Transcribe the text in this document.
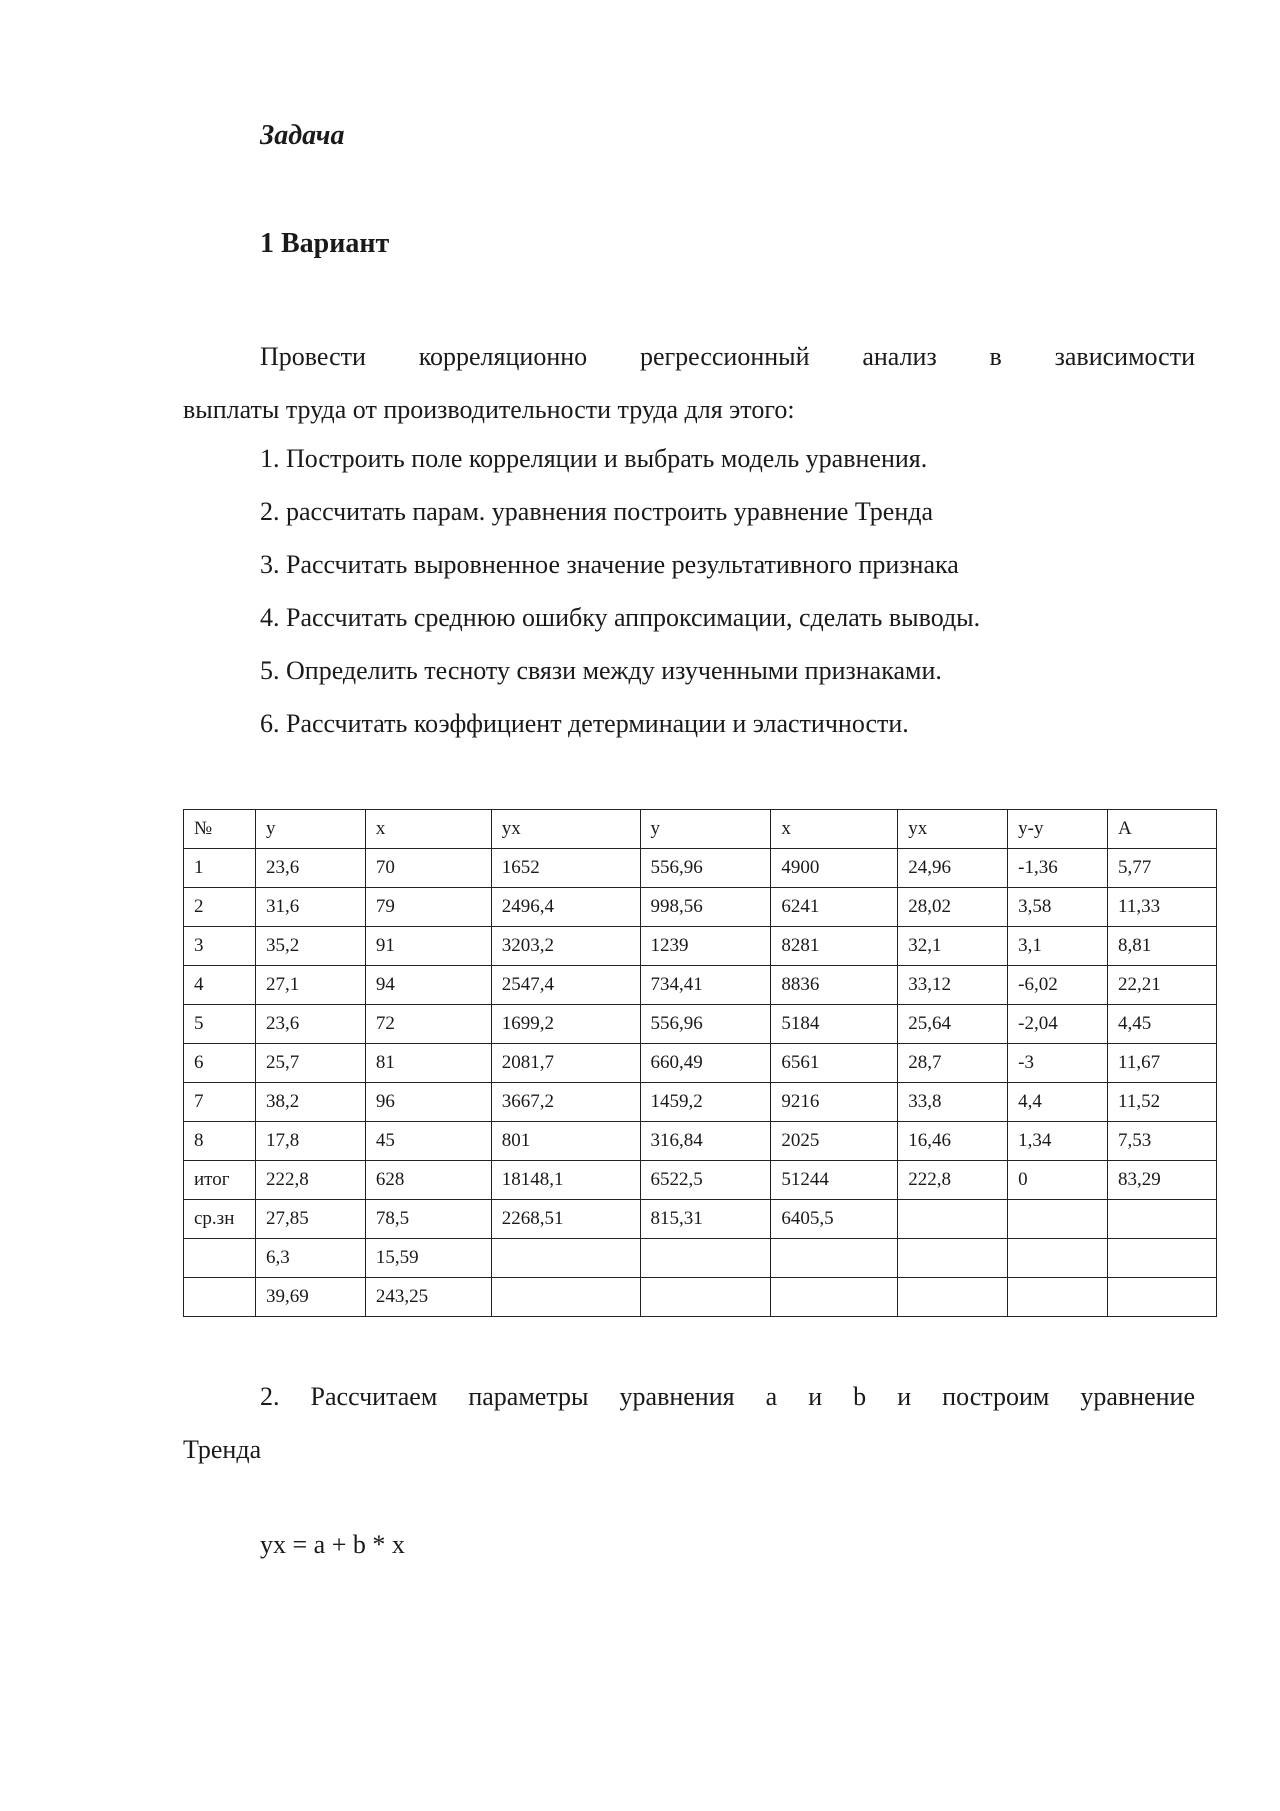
Задача
1 Вариант
Провести корреляционно регрессионный анализ в зависимости
выплаты труда от производительности труда для этого:
1. Построить поле корреляции и выбрать модель уравнения.
2. рассчитать парам. уравнения построить уравнение Тренда
3. Рассчитать выровненное значение результативного признака
4. Рассчитать среднюю ошибку аппроксимации, сделать выводы.
5. Определить тесноту связи между изученными признаками.
6. Рассчитать коэффициент детерминации и эластичности.
№	y	x	yx	y	x	yx	y-y	A
1	23,6	70	1652	556,96	4900	24,96	-1,36	5,77
2	31,6	79	2496,4	998,56	6241	28,02	3,58	11,33
3	35,2	91	3203,2	1239	8281	32,1	3,1	8,81
4	27,1	94	2547,4	734,41	8836	33,12	-6,02	22,21
5	23,6	72	1699,2	556,96	5184	25,64	-2,04	4,45
6	25,7	81	2081,7	660,49	6561	28,7	-3	11,67
7	38,2	96	3667,2	1459,2	9216	33,8	4,4	11,52
8	17,8	45	801	316,84	2025	16,46	1,34	7,53
итог	222,8	628	18148,1	6522,5	51244	222,8	0	83,29
ср.зн	27,85	78,5	2268,51	815,31	6405,5			
	6,3	15,59						
	39,69	243,25						
2. Рассчитаем параметры уравнения а и b и построим уравнение
Тренда
yx = a + b * x
